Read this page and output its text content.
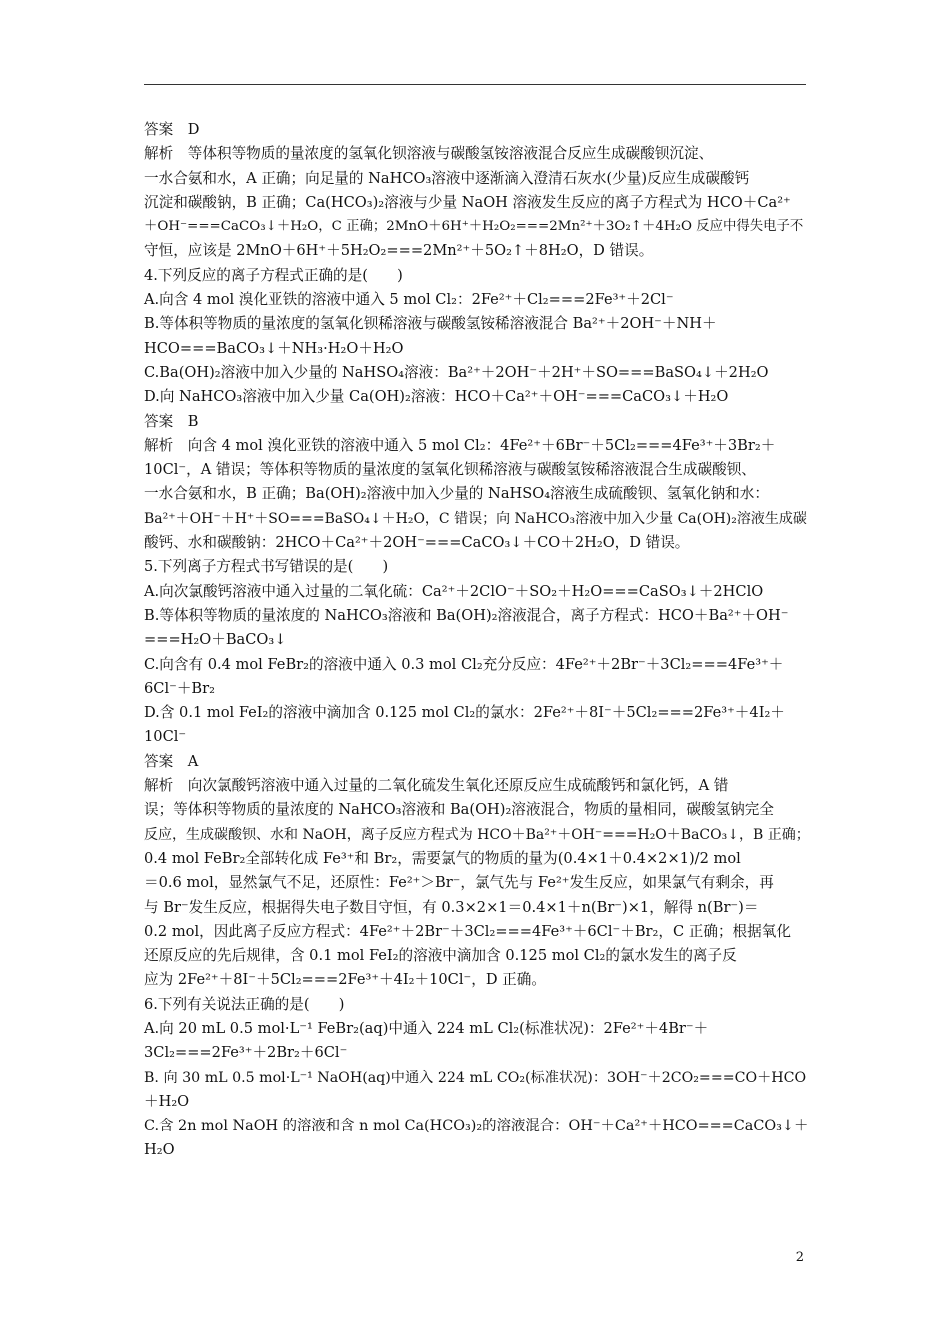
答案　D
解析　等体积等物质的量浓度的氢氧化钡溶液与碳酸氢铵溶液混合反应生成碳酸钡沉淀、
一水合氨和水，A 正确；向足量的 NaHCO₃溶液中逐渐滴入澄清石灰水(少量)反应生成碳酸钙
沉淀和碳酸钠，B 正确；Ca(HCO₃)₂溶液与少量 NaOH 溶液发生反应的离子方程式为 HCO＋Ca²⁺
＋OH⁻===CaCO₃↓＋H₂O，C 正确；2MnO＋6H⁺＋H₂O₂===2Mn²⁺＋3O₂↑＋4H₂O 反应中得失电子不
守恒，应该是 2MnO＋6H⁺＋5H₂O₂===2Mn²⁺＋5O₂↑＋8H₂O，D 错误。
4.下列反应的离子方程式正确的是(　　)
A.向含 4 mol 溴化亚铁的溶液中通入 5 mol Cl₂：2Fe²⁺＋Cl₂===2Fe³⁺＋2Cl⁻
B.等体积等物质的量浓度的氢氧化钡稀溶液与碳酸氢铵稀溶液混合 Ba²⁺＋2OH⁻＋NH＋
HCO===BaCO₃↓＋NH₃·H₂O＋H₂O
C.Ba(OH)₂溶液中加入少量的 NaHSO₄溶液：Ba²⁺＋2OH⁻＋2H⁺＋SO===BaSO₄↓＋2H₂O
D.向 NaHCO₃溶液中加入少量 Ca(OH)₂溶液：HCO＋Ca²⁺＋OH⁻===CaCO₃↓＋H₂O
答案　B
解析　向含 4 mol 溴化亚铁的溶液中通入 5 mol Cl₂：4Fe²⁺＋6Br⁻＋5Cl₂===4Fe³⁺＋3Br₂＋
10Cl⁻，A 错误；等体积等物质的量浓度的氢氧化钡稀溶液与碳酸氢铵稀溶液混合生成碳酸钡、
一水合氨和水，B 正确；Ba(OH)₂溶液中加入少量的 NaHSO₄溶液生成硫酸钡、氢氧化钠和水：
Ba²⁺＋OH⁻＋H⁺＋SO===BaSO₄↓＋H₂O，C 错误；向 NaHCO₃溶液中加入少量 Ca(OH)₂溶液生成碳
酸钙、水和碳酸钠：2HCO＋Ca²⁺＋2OH⁻===CaCO₃↓＋CO＋2H₂O，D 错误。
5.下列离子方程式书写错误的是(　　)
A.向次氯酸钙溶液中通入过量的二氧化硫：Ca²⁺＋2ClO⁻＋SO₂＋H₂O===CaSO₃↓＋2HClO
B.等体积等物质的量浓度的 NaHCO₃溶液和 Ba(OH)₂溶液混合，离子方程式：HCO＋Ba²⁺＋OH⁻
===H₂O＋BaCO₃↓
C.向含有 0.4 mol FeBr₂的溶液中通入 0.3 mol Cl₂充分反应：4Fe²⁺＋2Br⁻＋3Cl₂===4Fe³⁺＋
6Cl⁻＋Br₂
D.含 0.1 mol FeI₂的溶液中滴加含 0.125 mol Cl₂的氯水：2Fe²⁺＋8I⁻＋5Cl₂===2Fe³⁺＋4I₂＋
10Cl⁻
答案　A
解析　向次氯酸钙溶液中通入过量的二氧化硫发生氧化还原反应生成硫酸钙和氯化钙，A 错
误；等体积等物质的量浓度的 NaHCO₃溶液和 Ba(OH)₂溶液混合，物质的量相同，碳酸氢钠完全
反应，生成碳酸钡、水和 NaOH，离子反应方程式为 HCO＋Ba²⁺＋OH⁻===H₂O＋BaCO₃↓，B 正确；
0.4 mol FeBr₂全部转化成 Fe³⁺和 Br₂，需要氯气的物质的量为(0.4×1＋0.4×2×1)/2 mol
＝0.6 mol，显然氯气不足，还原性：Fe²⁺＞Br⁻，氯气先与 Fe²⁺发生反应，如果氯气有剩余，再
与 Br⁻发生反应，根据得失电子数目守恒，有 0.3×2×1＝0.4×1＋n(Br⁻)×1，解得 n(Br⁻)＝
0.2 mol，因此离子反应方程式：4Fe²⁺＋2Br⁻＋3Cl₂===4Fe³⁺＋6Cl⁻＋Br₂，C 正确；根据氧化
还原反应的先后规律，含 0.1 mol FeI₂的溶液中滴加含 0.125 mol Cl₂的氯水发生的离子反
应为 2Fe²⁺＋8I⁻＋5Cl₂===2Fe³⁺＋4I₂＋10Cl⁻，D 正确。
6.下列有关说法正确的是(　　)
A.向 20 mL 0.5 mol·L⁻¹ FeBr₂(aq)中通入 224 mL Cl₂(标准状况)：2Fe²⁺＋4Br⁻＋
3Cl₂===2Fe³⁺＋2Br₂＋6Cl⁻
B. 向 30 mL 0.5 mol·L⁻¹ NaOH(aq)中通入 224 mL CO₂(标准状况)：3OH⁻＋2CO₂===CO＋HCO
＋H₂O
C.含 2n mol NaOH 的溶液和含 n mol Ca(HCO₃)₂的溶液混合：OH⁻＋Ca²⁺＋HCO===CaCO₃↓＋
H₂O
2
